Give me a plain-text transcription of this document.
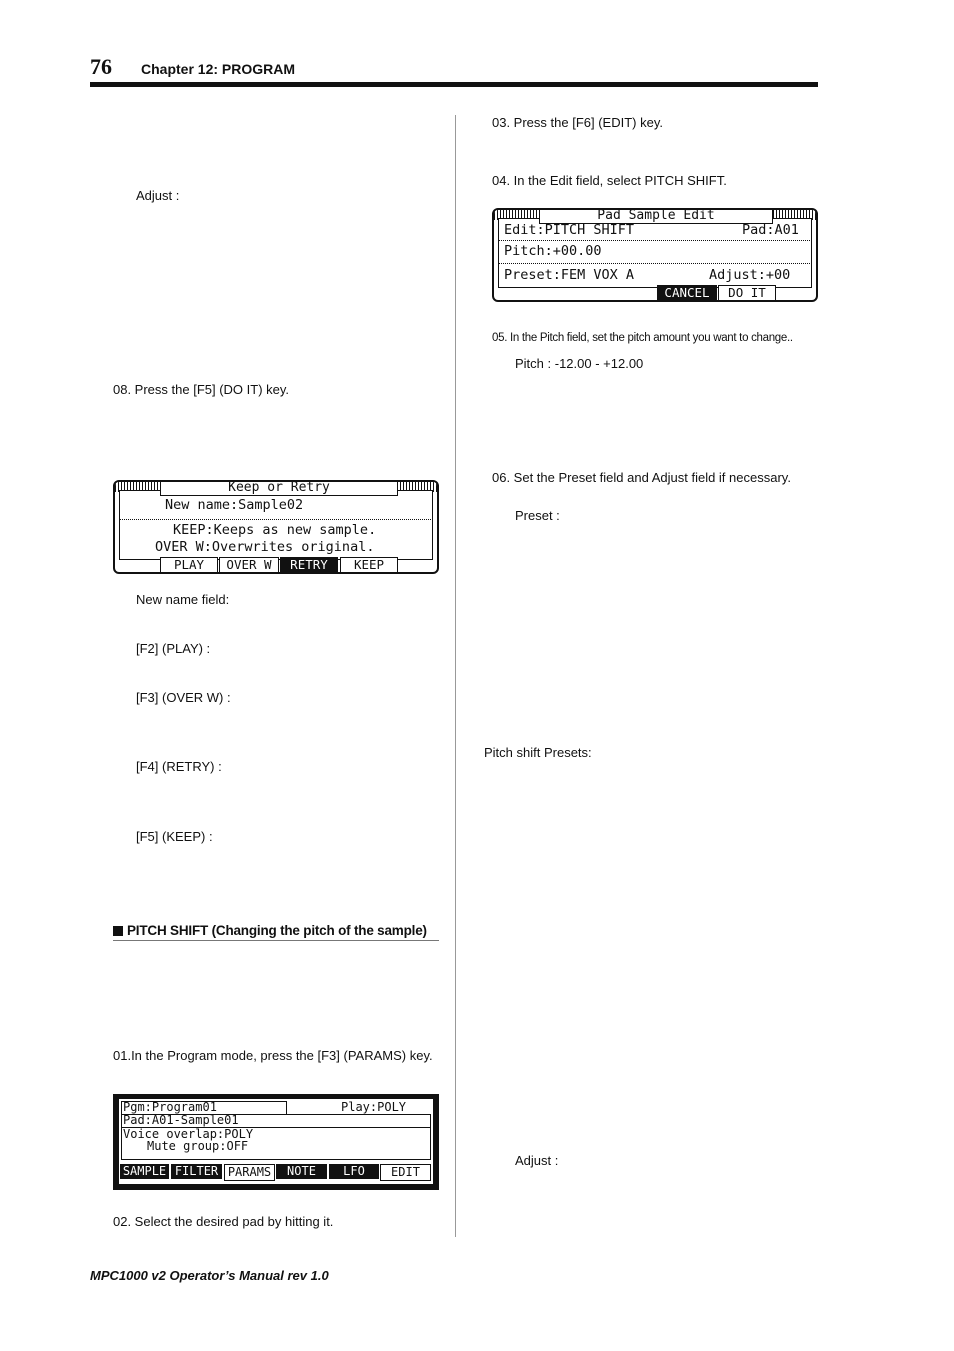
76 Chapter 12: PROGRAM
Adjust :
08. Press the [F5] (DO IT) key.
Keep or Retry
New name:Sample02
KEEP:Keeps as new sample.
OVER W:Overwrites original.
PLAY	OVER W	RETRY	KEEP
New name field:
[F2] (PLAY) :
[F3] (OVER W) :
[F4] (RETRY) :
[F5] (KEEP) :
PITCH SHIFT (Changing the pitch of the sample)
01.In the Program mode, press the [F3] (PARAMS) key.
Pgm:Program01	Play:POLY
Pad:A01-Sample01
Voice overlap:POLY
Mute group:OFF
SAMPLE FILTER PARAMS	NOTE	LFO	EDIT
02. Select the desired pad by hitting it.
03. Press the [F6] (EDIT) key.
04. In the Edit field, select PITCH SHIFT.
Pad Sample Edit
Edit:PITCH SHIFT	Pad:A01
Pitch:+00.00
Preset:FEM VOX A	Adjust:+00
CANCEL	DO IT
05. In the Pitch field, set the pitch amount you want to change..
Pitch : -12.00 - +12.00
06. Set the Preset field and Adjust field if necessary.
Preset :
Pitch shift Presets:
Adjust :
MPC1000 v2 Operator’s Manual rev 1.0
